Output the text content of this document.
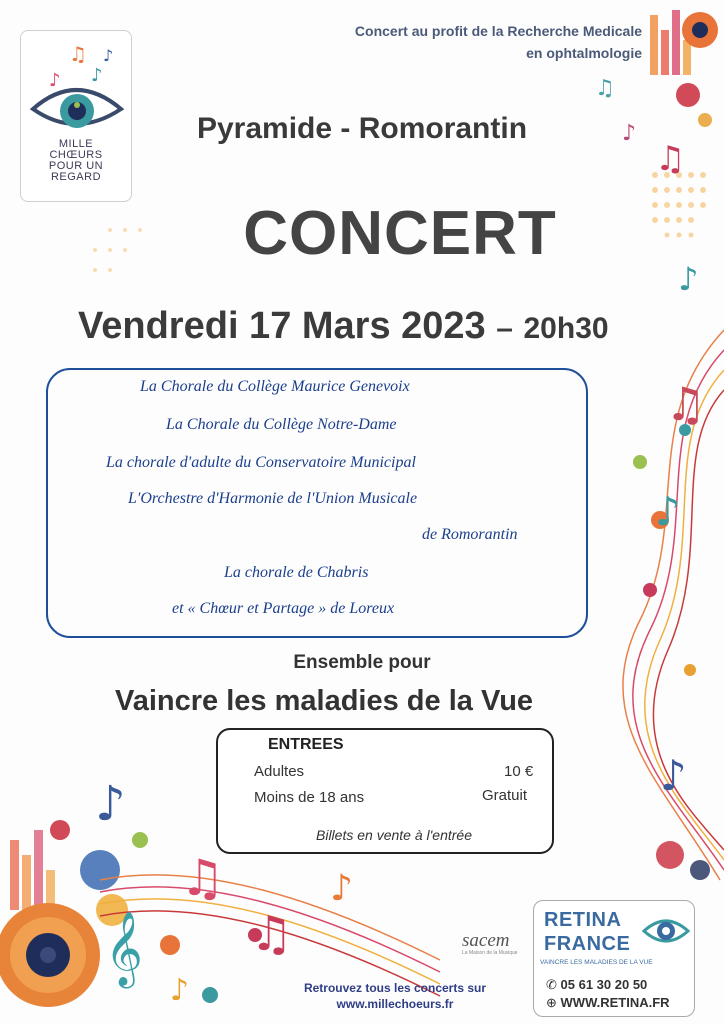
♫
♪
♫
♪
♫
♪
♪
♪
𝄞
♫
♫
♪
♪
♫
♪
♪
♪
MILLE
CHŒURS
POUR UN
REGARD
Concert au profit de la Recherche Medicale
en ophtalmologie
Pyramide - Romorantin
CONCERT
Vendredi 17 Mars 2023 – 20h30
La Chorale du Collège Maurice Genevoix
La Chorale du Collège Notre-Dame
La chorale d'adulte du Conservatoire Municipal
L'Orchestre d'Harmonie de l'Union Musicale
de Romorantin
La chorale de Chabris
et « Chœur et Partage » de Loreux
Ensemble pour
Vaincre les maladies de la Vue
ENTREES
Adultes	10 €
Moins de 18 ans	Gratuit
Billets en vente à l'entrée
sacem
La Maison de la Musique
Retrouvez tous les concerts sur
www.millechoeurs.fr
RETINA
FRANCE
VAINCRE LES MALADIES DE LA VUE
✆ 05 61 30 20 50
⊕ WWW.RETINA.FR
